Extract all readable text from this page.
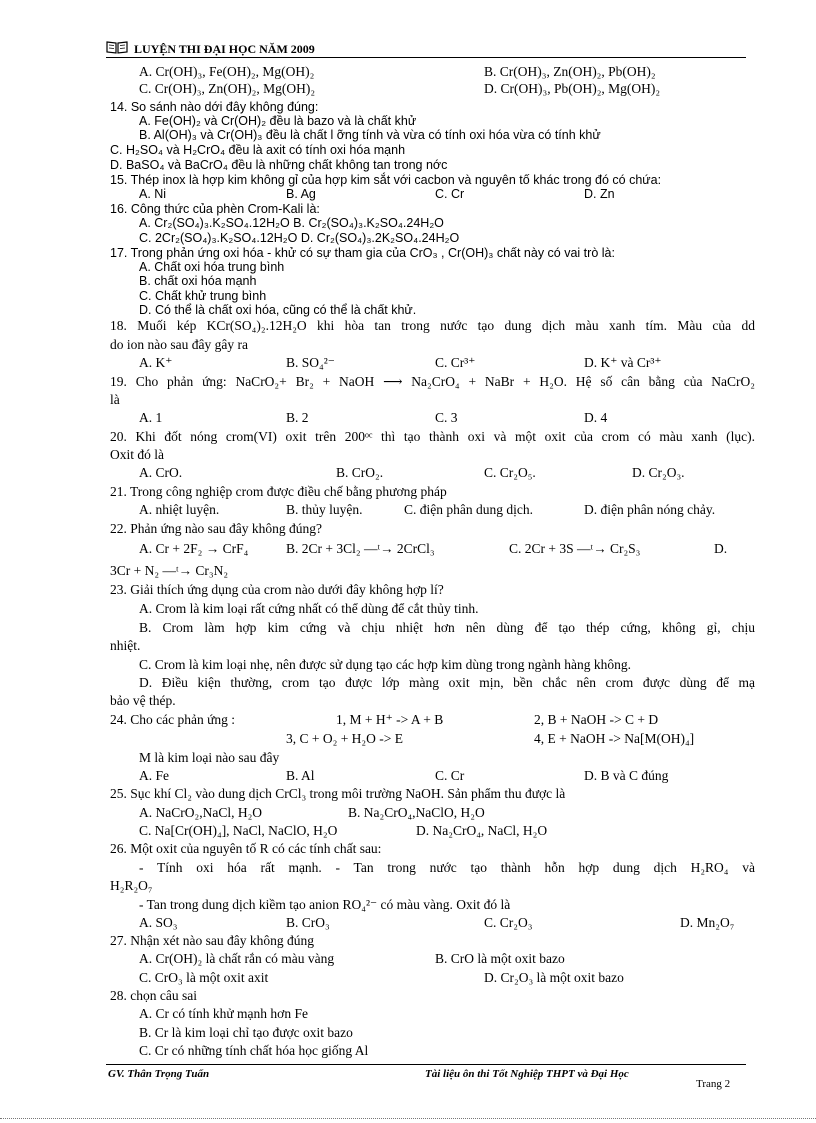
LUYỆN THI ĐẠI HỌC NĂM 2009
A. Cr(OH)₃, Fe(OH)₂, Mg(OH)₂	B. Cr(OH)₃, Zn(OH)₂, Pb(OH)₂
C. Cr(OH)₃, Zn(OH)₂, Mg(OH)₂	D. Cr(OH)₃, Pb(OH)₂, Mg(OH)₂
14. So sánh nào dới đây không đúng:
A. Fe(OH)₂ và Cr(OH)₂ đều là bazo và là chất khử
B. Al(OH)₃ và Cr(OH)₃ đều là chất l ỡng tính và vừa có tính oxi hóa vừa có tính khử
C. H₂SO₄ và H₂CrO₄ đều là axit có tính oxi hóa mạnh
D. BaSO₄ và BaCrO₄ đều là những chất không tan trong nớc
15. Thép inox là hợp kim không gỉ của hợp kim sắt với cacbon và nguyên tố khác trong đó có chứa:
A. Ni	B. Ag	C. Cr	D. Zn
16. Công thức của phèn Crom-Kali là:
A. Cr₂(SO₄)₃.K₂SO₄.12H₂O B. Cr₂(SO₄)₃.K₂SO₄.24H₂O
C. 2Cr₂(SO₄)₃.K₂SO₄.12H₂O D. Cr₂(SO₄)₃.2K₂SO₄.24H₂O
17. Trong phản ứng oxi hóa - khử có sự tham gia của CrO₃ , Cr(OH)₃ chất này có vai trò là:
A. Chất oxi hóa trung bình
B. chất oxi hóa mạnh
C. Chất khử trung bình
D. Có thể là chất oxi hóa, cũng có thể là chất khử.
18. Muối kép KCr(SO₄)₂.12H₂O khi hòa tan trong nước tạo dung dịch màu xanh tím. Màu của dd
do ion nào sau đây gây ra
A. K⁺	B. SO₄²⁻	C. Cr³⁺	D. K⁺ và Cr³⁺
19. Cho phản ứng: NaCrO₂+ Br₂ + NaOH ⟶ Na₂CrO₄ + NaBr + H₂O. Hệ số cân bằng của NaCrO₂
là
A. 1	B. 2	C. 3	D. 4
20. Khi đốt nóng crom(VI) oxit trên 200ᵒᶜ thì tạo thành oxi và một oxit của crom có màu xanh (lục).
Oxit đó là
A. CrO.	B. CrO₂.	C. Cr₂O₅.	D. Cr₂O₃.
21. Trong công nghiệp crom được điều chế bằng phương pháp
A. nhiệt luyện.	B. thủy luyện.	C. điện phân dung dịch.	D. điện phân nóng chảy.
22. Phản ứng nào sau đây không đúng?
A. Cr + 2F₂ → CrF₄	B. 2Cr + 3Cl₂ —ᵗ→ 2CrCl₃	C. 2Cr + 3S —ᵗ→ Cr₂S₃	D.
3Cr + N₂ —ᵗ→ Cr₃N₂
23. Giải thích ứng dụng của crom nào dưới đây không hợp lí?
A. Crom là kim loại rất cứng nhất có thể dùng để cắt thủy tinh.
B. Crom làm hợp kim cứng và chịu nhiệt hơn nên dùng để tạo thép cứng, không gỉ, chịu
nhiệt.
C. Crom là kim loại nhẹ, nên được sử dụng tạo các hợp kim dùng trong ngành hàng không.
D. Điều kiện thường, crom tạo được lớp màng oxit mịn, bền chắc nên crom được dùng để mạ
bảo vệ thép.
24. Cho các phản ứng :	1, M + H⁺ -> A + B	2, B + NaOH -> C + D
3, C + O₂ + H₂O -> E	4, E + NaOH -> Na[M(OH)₄]
M là kim loại nào sau đây
A. Fe	B. Al	C. Cr	D. B và C đúng
25. Sục khí Cl₂ vào dung dịch CrCl₃ trong môi trường NaOH. Sản phẩm thu được là
A. NaCrO₂,NaCl, H₂O	B. Na₂CrO₄,NaClO, H₂O
C. Na[Cr(OH)₄], NaCl, NaClO, H₂O	D. Na₂CrO₄, NaCl, H₂O
26. Một oxit của nguyên tố R có các tính chất sau:
- Tính oxi hóa rất mạnh. - Tan trong nước tạo thành hỗn hợp dung dịch H₂RO₄ và
H₂R₂O₇
- Tan trong dung dịch kiềm tạo anion RO₄²⁻ có màu vàng. Oxit đó là
A. SO₃	B. CrO₃	C. Cr₂O₃	D. Mn₂O₇
27. Nhận xét nào sau đây không đúng
A. Cr(OH)₂ là chất rắn có màu vàng	B. CrO là một oxit bazo
C. CrO₃ là một oxit axit	D. Cr₂O₃ là một oxit bazo
28. chọn câu sai
A. Cr có tính khử mạnh hơn Fe
B. Cr là kim loại chỉ tạo được oxit bazo
C. Cr có những tính chất hóa học giống Al
GV. Thân Trọng Tuấn	Tài liệu ôn thi Tốt Nghiệp THPT và Đại Học
Trang 2
